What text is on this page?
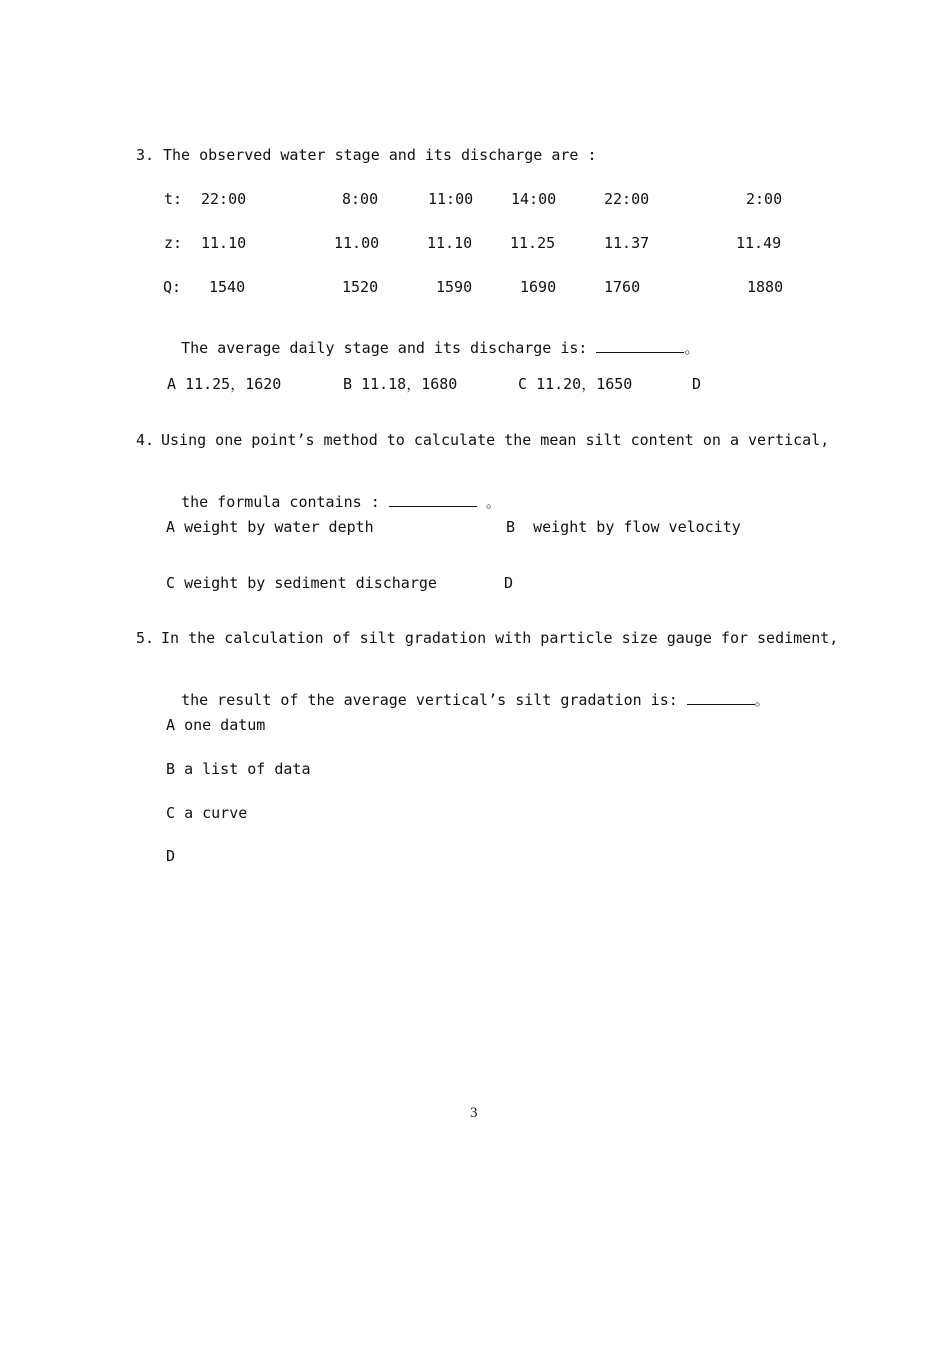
3. The observed water stage and its discharge are :
t: 22:00	8:00	11:00	14:00	22:00	2:00
z: 11.10	11.00	11.10	11.25	11.37	11.49
Q: 1540	1520	1590	1690	1760	1880

The average daily stage and its discharge is:	。

A 11.25，1620	B 11.18，1680	C 11.20，1650	D
4. Using one point’s method to calculate the mean silt content on a vertical,

the formula contains :	。

A weight by water depth	B weight by flow velocity
C weight by sediment discharge	D
5. In the calculation of silt gradation with particle size gauge for sediment,

the result of the average vertical’s silt gradation is:	。

A one datum
B a list of data
C a curve
D
3
